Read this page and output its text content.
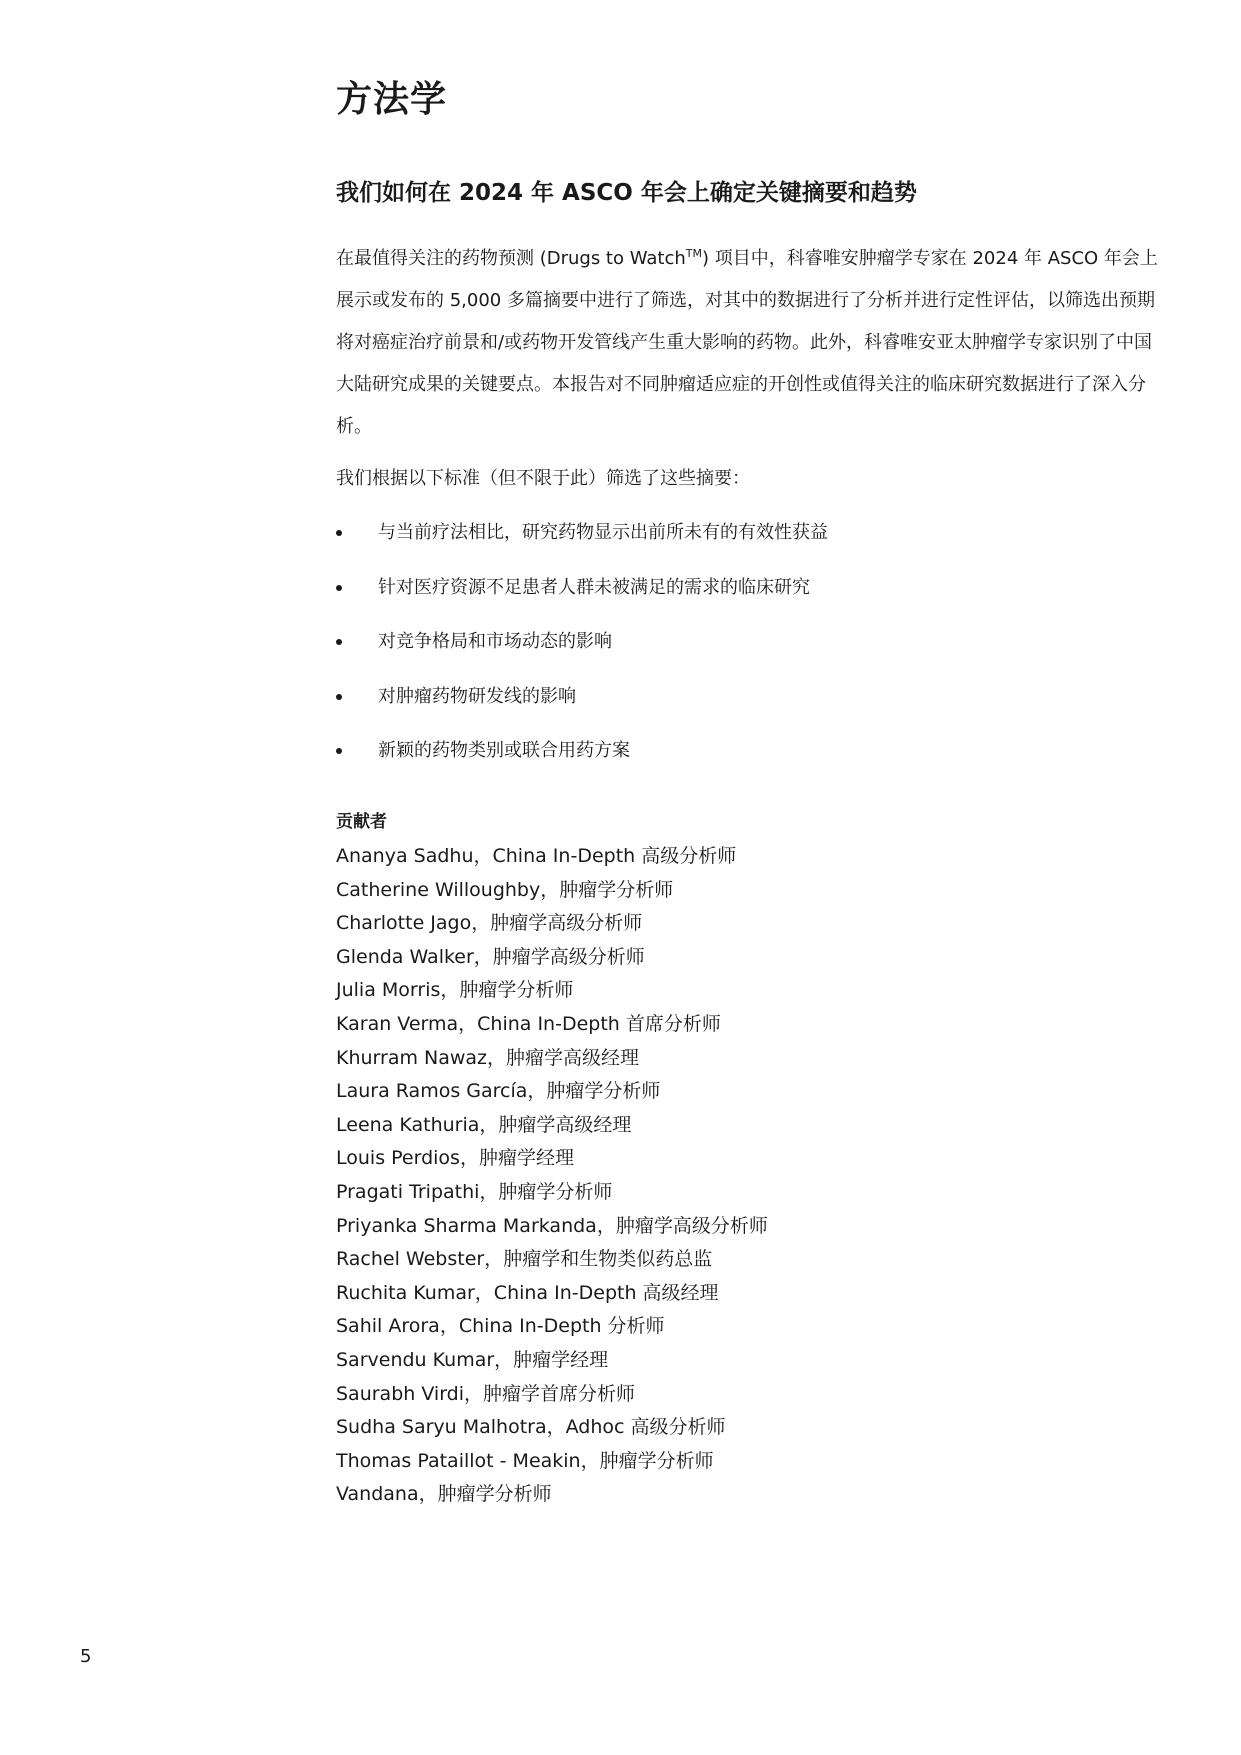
方法学
我们如何在 2024 年 ASCO 年会上确定关键摘要和趋势

在最值得关注的药物预测 (Drugs to Watch™) 项目中，科睿唯安肿瘤学专家在 2024 年 ASCO 年会上展示或发布的 5,000 多篇摘要中进行了筛选，对其中的数据进行了分析并进行定性评估，以筛选出预期将对癌症治疗前景和/或药物开发管线产生重大影响的药物。此外，科睿唯安亚太肿瘤学专家识别了中国大陆研究成果的关键要点。本报告对不同肿瘤适应症的开创性或值得关注的临床研究数据进行了深入分析。

我们根据以下标准（但不限于此）筛选了这些摘要：

与当前疗法相比，研究药物显示出前所未有的有效性获益
针对医疗资源不足患者人群未被满足的需求的临床研究
对竞争格局和市场动态的影响
对肿瘤药物研发线的影响
新颖的药物类别或联合用药方案
贡献者
Ananya Sadhu，China In-Depth 高级分析师
Catherine Willoughby，肿瘤学分析师
Charlotte Jago，肿瘤学高级分析师
Glenda Walker，肿瘤学高级分析师
Julia Morris，肿瘤学分析师
Karan Verma，China In-Depth 首席分析师
Khurram Nawaz，肿瘤学高级经理
Laura Ramos García，肿瘤学分析师
Leena Kathuria，肿瘤学高级经理
Louis Perdios，肿瘤学经理
Pragati Tripathi，肿瘤学分析师
Priyanka Sharma Markanda，肿瘤学高级分析师
Rachel Webster，肿瘤学和生物类似药总监
Ruchita Kumar，China In-Depth 高级经理
Sahil Arora，China In-Depth 分析师
Sarvendu Kumar，肿瘤学经理
Saurabh Virdi，肿瘤学首席分析师
Sudha Saryu Malhotra，Adhoc 高级分析师
Thomas Pataillot - Meakin，肿瘤学分析师
Vandana，肿瘤学分析师
5
